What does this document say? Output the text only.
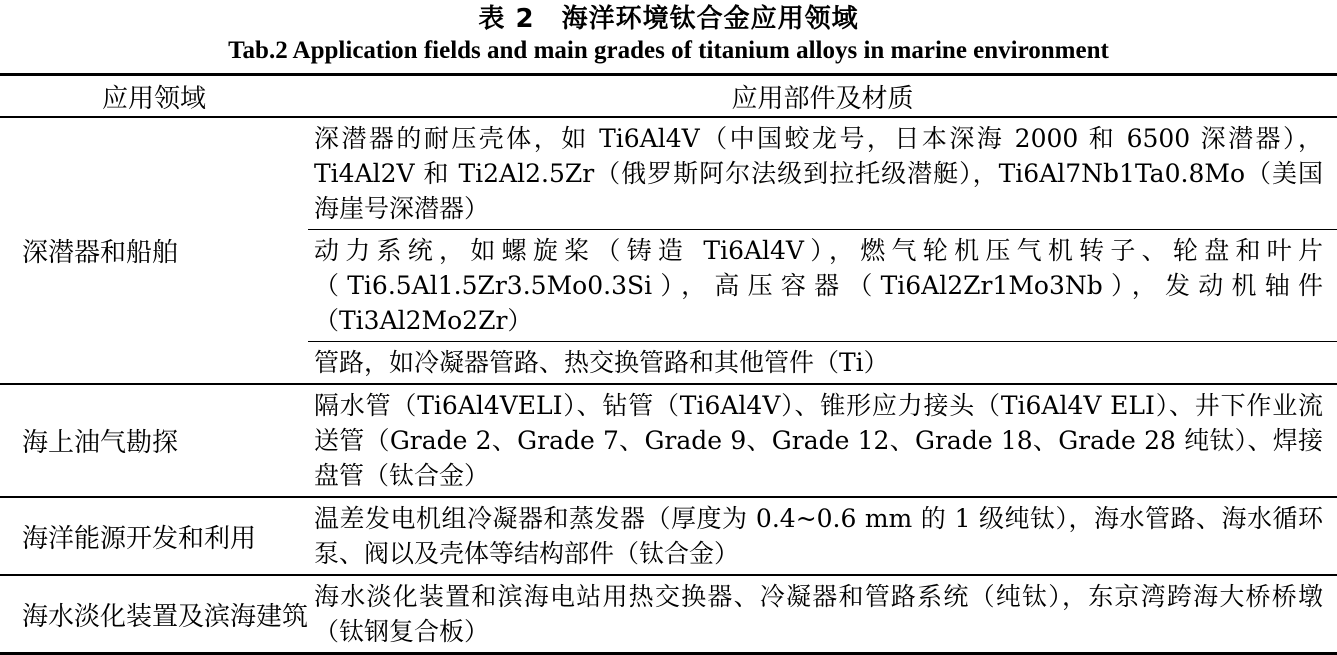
表 2　海洋环境钛合金应用领域
Tab.2 Application fields and main grades of titanium alloys in marine environment
应用领域	应用部件及材质
深潜器和船舶	深潜器的耐压壳体，如 Ti6Al4V（中国蛟龙号，日本深海 2000 和 6500 深潜器），Ti4Al2V 和 Ti2Al2.5Zr（俄罗斯阿尔法级到拉托级潜艇），Ti6Al7Nb1Ta0.8Mo（美国海崖号深潜器）
	动力系统，如螺旋桨（铸造 Ti6Al4V），燃气轮机压气机转子、轮盘和叶片（Ti6.5Al1.5Zr3.5Mo0.3Si），高压容器（Ti6Al2Zr1Mo3Nb），发动机轴件（Ti3Al2Mo2Zr）
	管路，如冷凝器管路、热交换管路和其他管件（Ti）
海上油气勘探	隔水管（Ti6Al4VELI）、钻管（Ti6Al4V）、锥形应力接头（Ti6Al4V ELI）、井下作业流送管（Grade 2、Grade 7、Grade 9、Grade 12、Grade 18、Grade 28 纯钛）、焊接盘管（钛合金）
海洋能源开发和利用	温差发电机组冷凝器和蒸发器（厚度为 0.4~0.6 mm 的 1 级纯钛），海水管路、海水循环泵、阀以及壳体等结构部件（钛合金）
海水淡化装置及滨海建筑	海水淡化装置和滨海电站用热交换器、冷凝器和管路系统（纯钛），东京湾跨海大桥桥墩（钛钢复合板）
